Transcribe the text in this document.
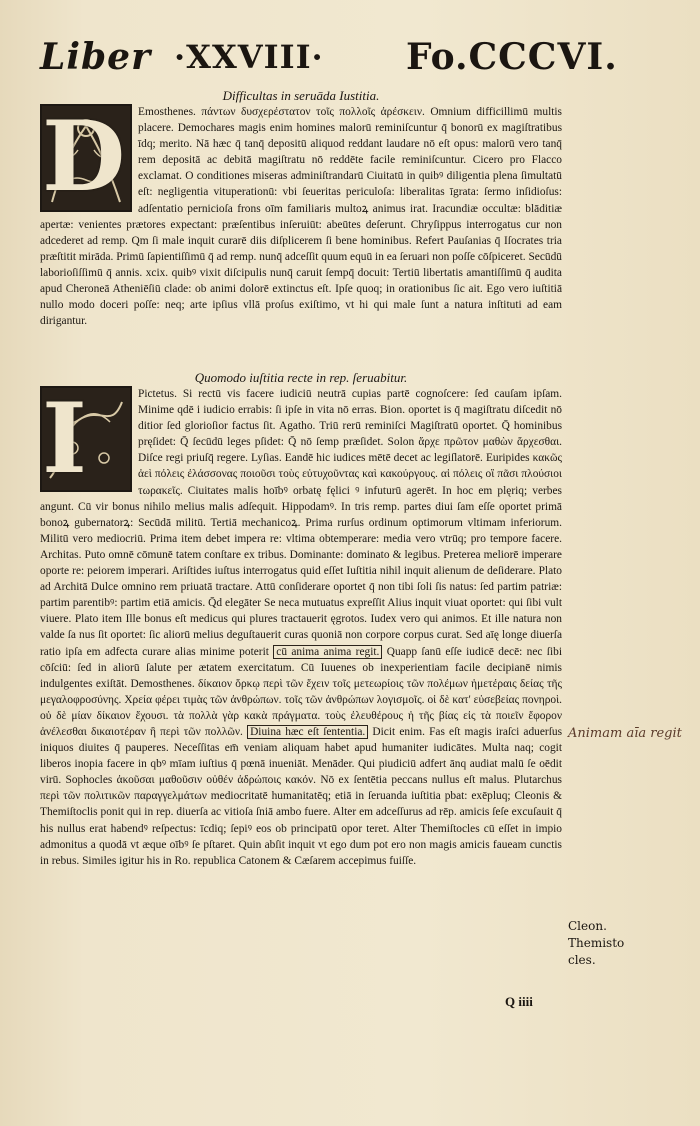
Liber ·XXVIII· Fo.CCCVI.
Difficultas in seruāda Iustitia.
D	Emosthenes. πάντων δυσχερέστατον τοῖς πολλοῖς ἀρέσκειν. Omnium difficillimū multis placere. Demochares magis enim homines malorū reminiſcuntur q̄ bonorū ex magiſtratibus īdq; merito. Nā hæc q̄ tanq̄ depositū aliquod reddant laudare nō eſt opus: malorū vero tanq̄ rem depositā ac debitā magiſtratu nō reddēte facile reminiſcuntur. Cicero pro Flacco exclamat. O conditiones miseras adminiſtrandarū Ciuitatū in quibꝰ diligentia plena ſimultatū eſt: negligentia vituperationū: vbi ſeueritas periculoſa: liberalitas īgrata: ſermo inſidioſus: adſentatio pernicioſa frons oīm familiaris multoꝝ animus irat. Iracundiæ occultæ: blāditiæ apertæ: venientes prætores expectant: præſentibus inſeruiūt: abeūtes deſerunt. Chryſippus interrogatus cur non adcederet ad remp. Qm ſi male inquit curarē diis diſplicerem ſi bene hominibus. Refert Pauſanias q̄ Iſocrates tria præſtitit mirāda. Primū ſapientiſſimū q̄ ad remp. nunq̄ adceſſit quum equū in ea ſeruari non poſſe cōſpiceret. Secūdū laborioſiſſimū q̄ annis. xcix. quibꝰ vixit diſcipulis nunq̄ caruit ſempq̄ docuit: Tertiū libertatis amantiſſimū q̄ audita apud Cheroneā Atheniēſiū clade: ob animi dolorē extinctus eſt. Ipſe quoq; in orationibus ſic ait. Ego vero iuſtitiā nullo modo doceri poſſe: neq; arte ipſius vllā proſus exiſtimo, vt hi qui male ſunt a natura inſtituti ad eam dirigantur.
Quomodo iuſtitia recte in rep. ſeruabitur.
I	Pictetus. Si rectū vis facere iudiciū neutrā cupias partē cognoſcere: ſed cauſam ipſam. Minime qdē i iudicio errabis: ſi ipſe in vita nō erras. Bion. oportet is q̄ magiſtratu diſcedit nō ditior ſed glorioſior factus ſit. Agatho. Triū rerū reminiſci Magiſtratū oportet. Q̄ hominibus pręſidet: Q̄ ſecūdū leges pſidet: Q̄ nō ſemp præſidet. Solon ἄρχε πρῶτον μαθὼν ἄρχεσθαι. Diſce regi priuſq̄ regere. Lyſias. Eandē hic iudices mētē decet ac legiſlatorē. Euripides κακῶς ἀεὶ πόλεις ἐλάσσονας ποιοῦσι τοὺς εὐτυχοῦντας καὶ κακούργους. αἱ πόλεις οἳ πᾶσι πλούσιοι τωρακεῖς. Ciuitates malis hoībꝰ orbatę fęlici ꝰ infuturū agerēt. In hoc em plęriq; verbes angunt. Cū vir bonus nihilo melius malis adſequit. Hippodamꝰ. In tris remp. partes diui ſam eſſe oportet primā bonoꝝ gubernatorꝝ: Secūdā militū. Tertiā mechanicoꝝ. Prima rurſus ordinum optimorum vltimam inferiorum. Militū vero mediocriū. Prima item debet impera re: vltima obtemperare: media vero vtrūq; pro tempore facere. Architas. Puto omnē cōmunē tatem conſtare ex tribus. Dominante: dominato & legibus. Preterea meliorē imperare oporte re: peiorem imperari. Ariſtides iuſtus interrogatus quid eſſet Iuſtitia nihil inquit alienum de deſiderare. Plato ad Architā Dulce omnino rem priuatā tractare. Attū conſiderare oportet q̄ non tibi ſoli ſis natus: ſed partim patriæ: partim parentibꝰ: partim etiā amicis. Q̄d elegāter Se neca mutuatus expreſſit Alius inquit viuat oportet: qui ſibi vult viuere. Plato item Ille bonus eſt medicus qui plures tractauerit ęgrotos. Iudex vero qui animos. Et ille natura non valde ſa nus ſit oportet: ſic aliorū melius deguſtauerit curas quoniā non corpore corpus curat. Sed aīę longe diuerſa ratio ipſa em adfecta curare alias minime poterit cū anima anima regit. Quapp ſanū eſſe iudicē decē: nec ſibi cōſciū: ſed in aliorū ſalute per ætatem exercitatum. Cū Iuuenes ob inexperientiam facile decipianē nimis indulgentes exiſtāt. Demosthenes. δίκαιον ὅρκῳ περὶ τῶν ἔχειν τοῖς μετεωρίοις τῶν πολέμων ἡμετέραις δείας τῆς μεγαλοφροσύνης. Χρεία φέρει τιμὰς τῶν ἀνθρώπων. τοῖς τῶν ἀνθρώπων λογισμοῖς. οἱ δὲ κατ' εὐσεβείας πονηροὶ. οὐ δὲ μίαν δίκαιον ἔχουσι. τὰ πολλὰ γὰρ κακὰ πράγματα. τοὺς ἐλευθέρους ἡ τῆς βίας εἰς τὰ ποιεῖν ἔφορον ἀνέλεσθαι δικαιοτέραν ἢ περὶ τῶν πολλῶν. Diuina hæc eſt ſententia. Dicit enim. Fas eſt magis iraſci aduerſus iniquos diuites q̄ pauperes. Neceſſitas em̄ veniam aliquam habet apud humaniter iudicātes. Multa naq; cogit liberos inopia facere in qbꝰ mīam iuſtius q̄ pœnā inueniāt. Menāder. Qui piudiciū adfert ānq audiat malū ſe oēdit virū. Sophocles ἀκοῦσαι μαθοῦσιν οὐθέν ἀδρώποις κακόν. Nō ex ſentētia peccans nullus eſt malus. Plutarchus περὶ τῶν πολιτικῶν παραγγελμάτων mediocritatē humanitatēq; etiā in ſeruanda iuſtitia pbat: exēpluq; Cleonis & Themiſtoclis ponit qui in rep. diuerſa ac vitioſa ſniā ambo fuere. Alter em adceſſurus ad rēp. amicis ſeſe excuſauit q̄ his nullus erat habendꝰ reſpectus: īcdiq; ſepiꝰ eos ob principatū opor teret. Alter Themiſtocles cū eſſet in impio admonitus a quodā vt æque oībꝰ ſe pſtaret. Quin abſit inquit vt ego dum pot ero non magis amicis faueam cunctis in rebus. Similes igitur his in Ro. republica Catonem & Cæſarem accepimus fuiſſe.
Animam aīa regit
Cleon.
Themisto
cles.
Q iiii
